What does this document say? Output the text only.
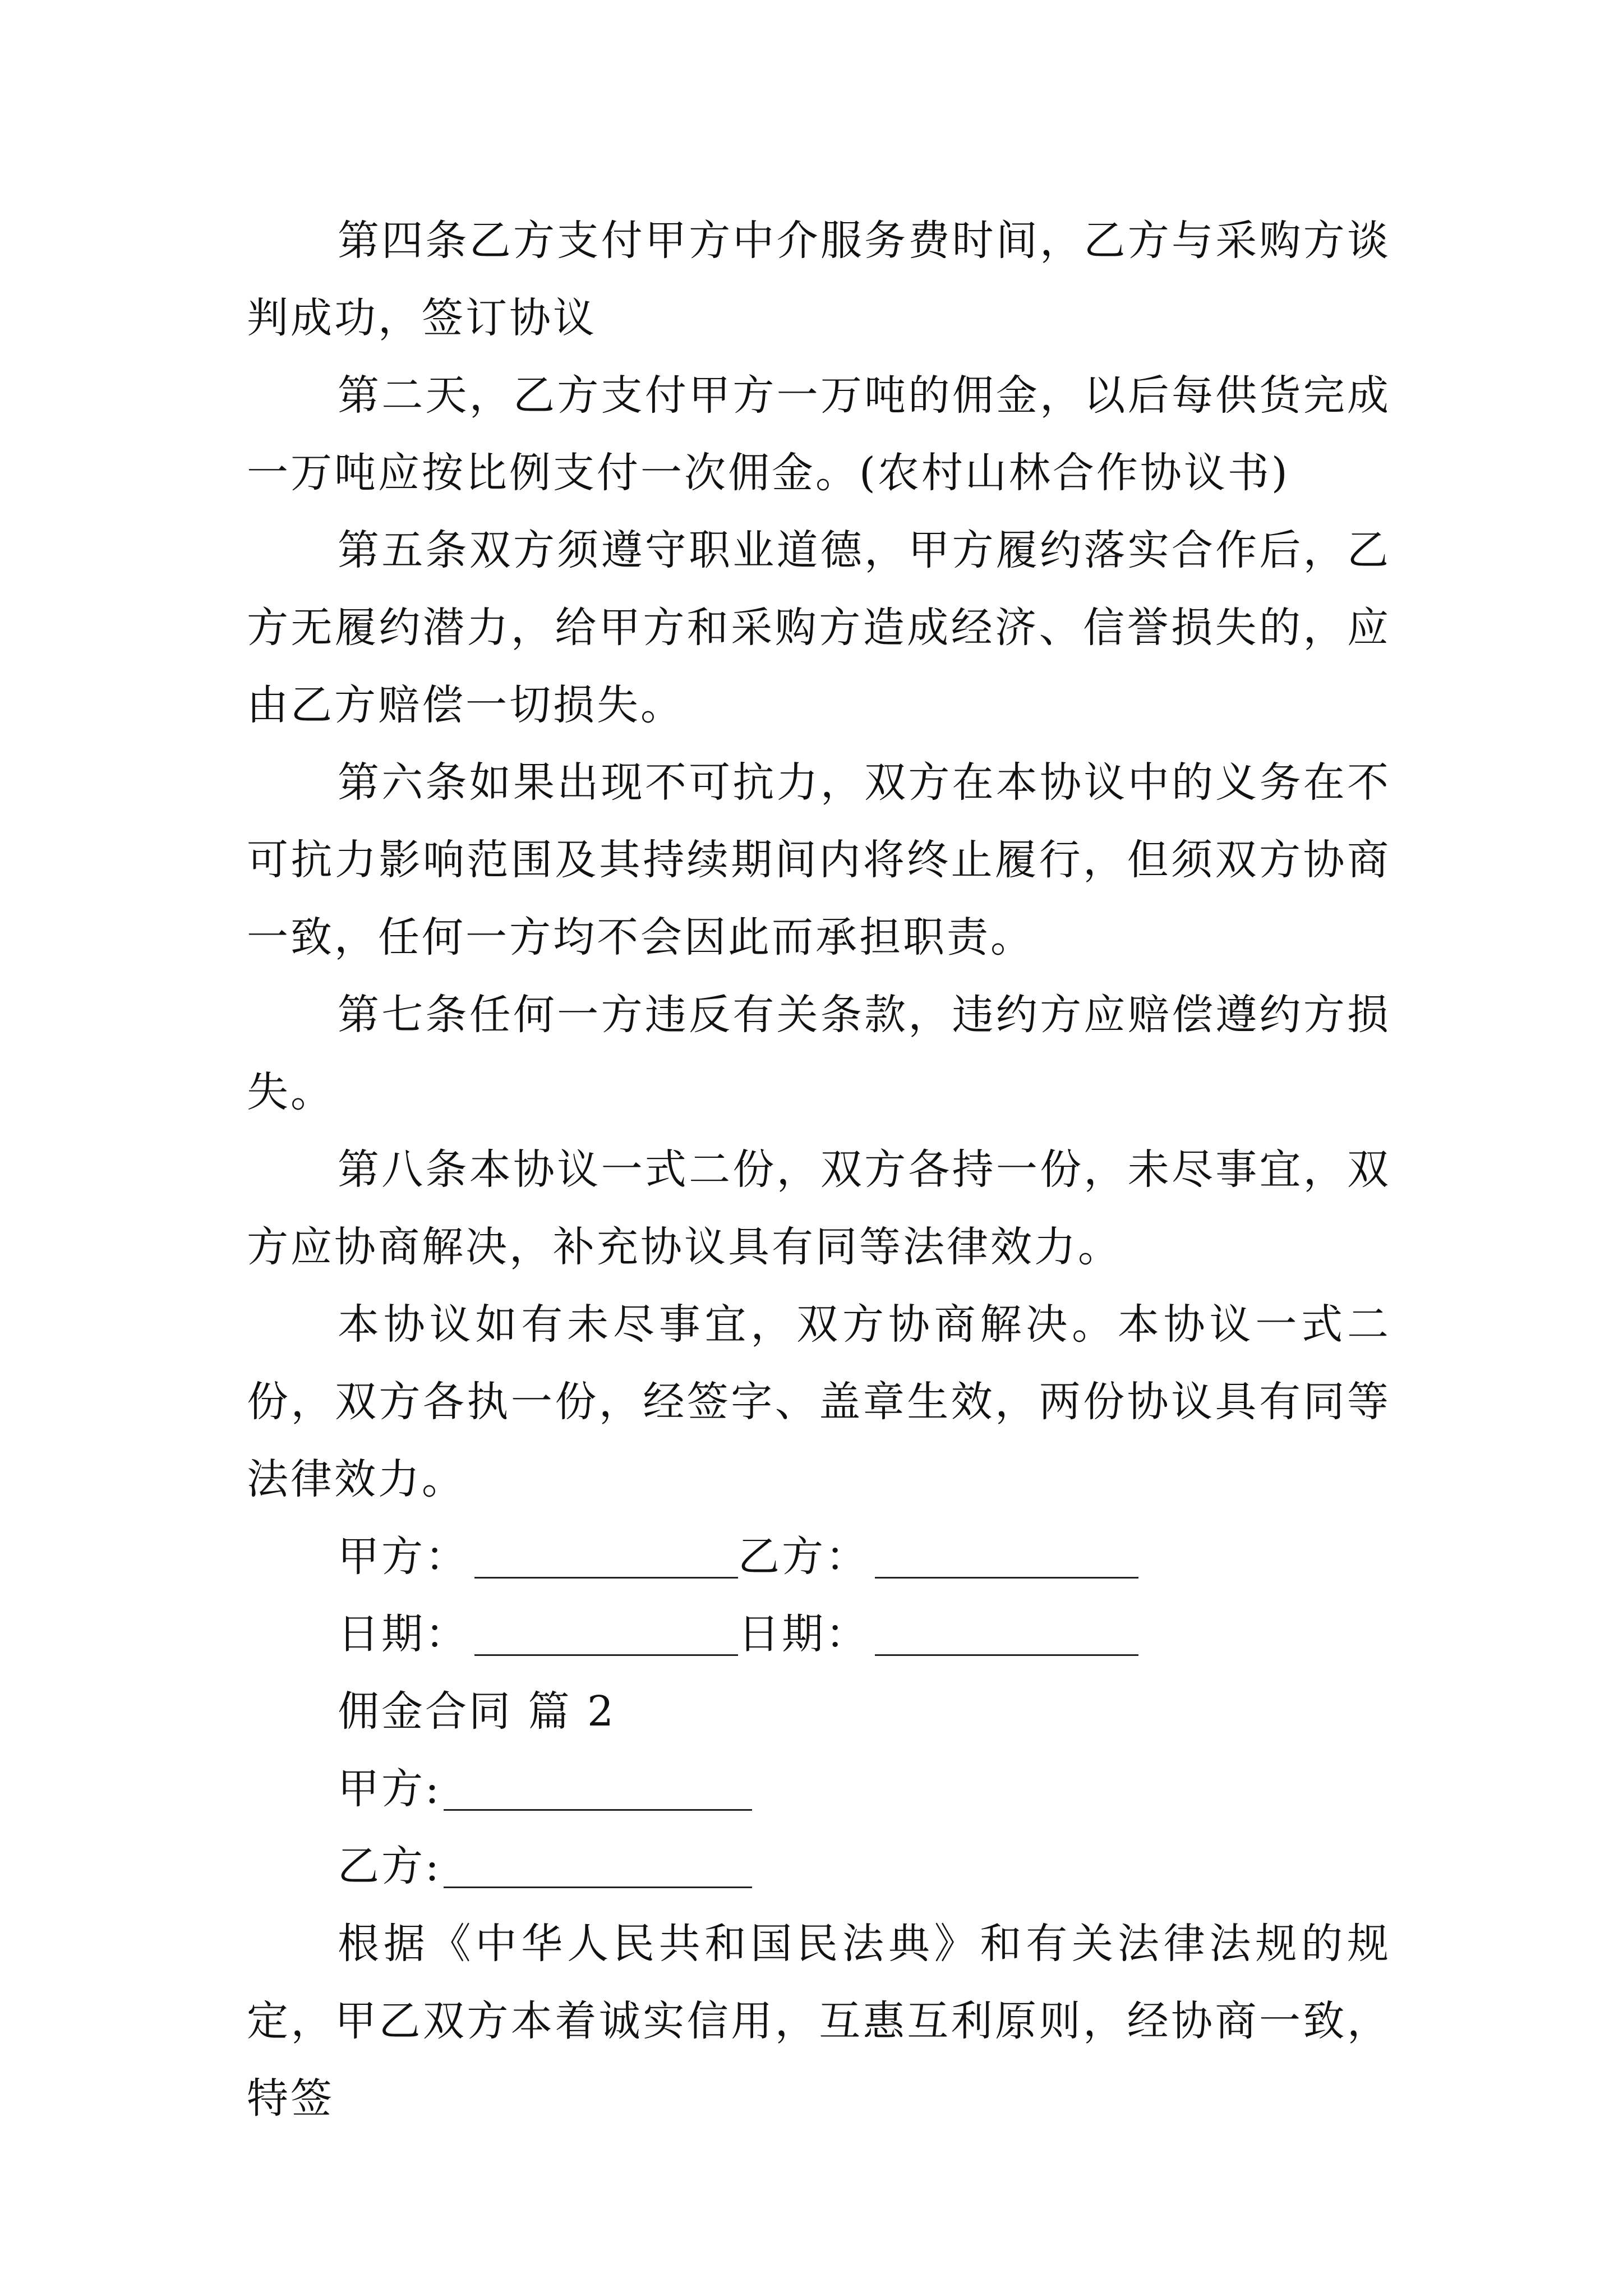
第四条乙方支付甲方中介服务费时间，乙方与采购方谈判成功，签订协议

第二天，乙方支付甲方一万吨的佣金，以后每供货完成一万吨应按比例支付一次佣金。(农村山林合作协议书)

第五条双方须遵守职业道德，甲方履约落实合作后，乙方无履约潜力，给甲方和采购方造成经济、信誉损失的，应由乙方赔偿一切损失。

第六条如果出现不可抗力，双方在本协议中的义务在不可抗力影响范围及其持续期间内将终止履行，但须双方协商一致，任何一方均不会因此而承担职责。

第七条任何一方违反有关条款，违约方应赔偿遵约方损失。

第八条本协议一式二份，双方各持一份，未尽事宜，双方应协商解决，补充协议具有同等法律效力。

本协议如有未尽事宜，双方协商解决。本协议一式二份，双方各执一份，经签字、盖章生效，两份协议具有同等法律效力。

甲方：	乙方：
日期：	日期：
佣金合同 篇 2
甲方:
乙方:

根据《中华人民共和国民法典》和有关法律法规的规定，甲乙双方本着诚实信用，互惠互利原则，经协商一致，特签
